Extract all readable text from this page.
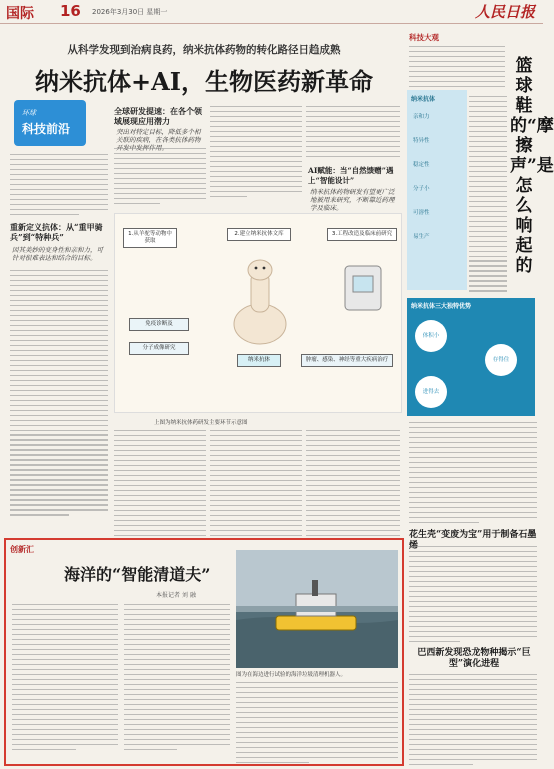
国际 16 2026年3月30日 星期一	人民日报
从科学发现到治病良药，纳米抗体药物的转化路径日趋成熟
纳米抗体+AI，生物医药新革命
环球
科技前沿
重新定义抗体：从“重甲骑兵”到“特种兵”
因其美妙的变身性和亲和力，可针对很难表达和结合的目标。
全球研发提速：在各个领域展现应用潜力
突出对特定目标，降低多个相关联的疾病，在各类抗体药物
AI赋能：当“自然馈赠”遇上“智能设计”
纳米抗体药物研发有望更广泛地被用来研究，不断靠近药理学及临床。
1.从羊驼等动物中获取
2.建立纳米抗体文库	3.工程改造及临床前研究
纳米抗体
免疫诊断及
分子成像研究
肿瘤、感染、神经等重大疾病治疗
上图为纳米抗体药研发主要环节示意图
科技大观
篮球鞋的“摩擦声”是怎么响起的
纳米抗体
亲和力
特异性
稳定性
分子小
可溶性
易生产
纳米抗体三大独特优势
体积小
存得住
进得去
花生壳“变废为宝”用于制备石墨
巴西新发现恐龙物种揭示“巨型”演化进程
创新汇
海洋的“智能清道夫”
本报记者 刘 融
图为在海边进行试验的海洋垃圾清理机器人。
